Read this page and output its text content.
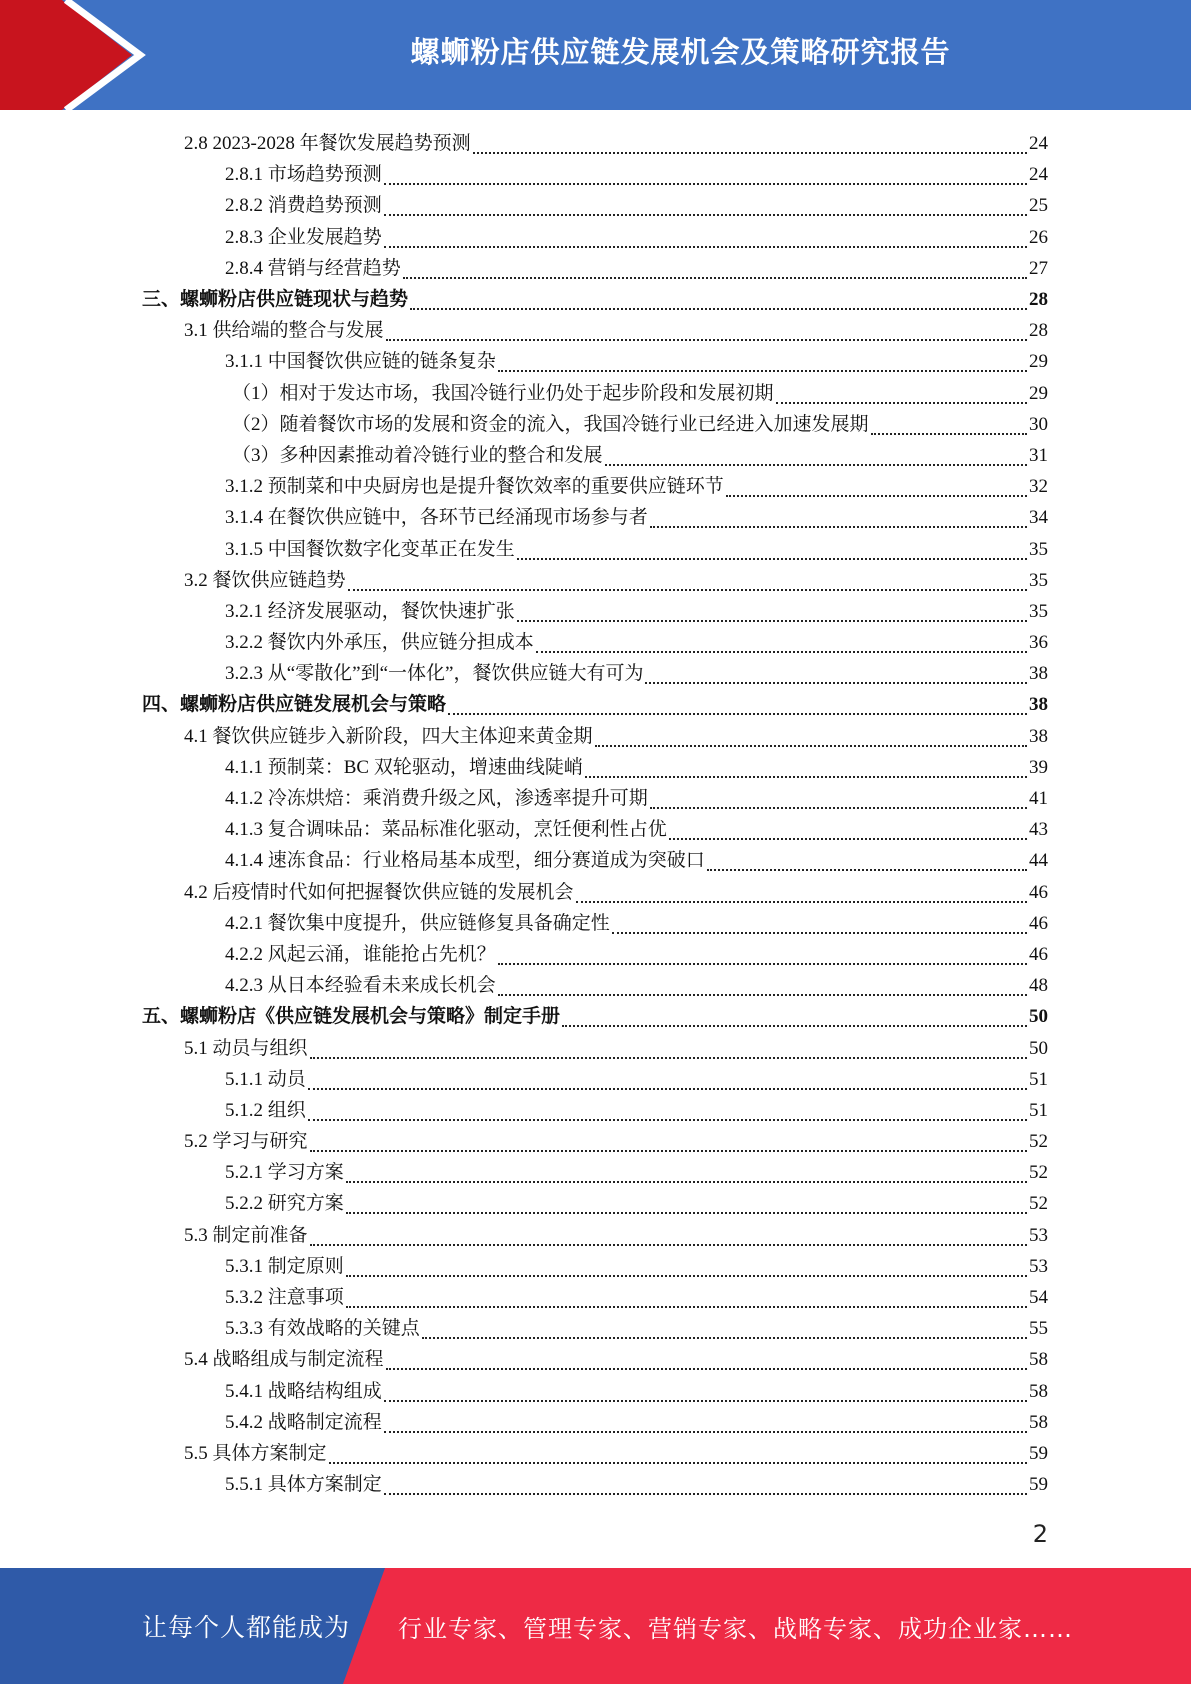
螺蛳粉店供应链发展机会及策略研究报告
2.8 2023-2028 年餐饮发展趋势预测	24
2.8.1 市场趋势预测	24
2.8.2 消费趋势预测	25
2.8.3 企业发展趋势	26
2.8.4 营销与经营趋势	27
三、螺蛳粉店供应链现状与趋势	28
3.1 供给端的整合与发展	28
3.1.1 中国餐饮供应链的链条复杂	29
（1）相对于发达市场，我国冷链行业仍处于起步阶段和发展初期	29
（2）随着餐饮市场的发展和资金的流入，我国冷链行业已经进入加速发展期	30
（3）多种因素推动着冷链行业的整合和发展	31
3.1.2 预制菜和中央厨房也是提升餐饮效率的重要供应链环节	32
3.1.4 在餐饮供应链中，各环节已经涌现市场参与者	34
3.1.5 中国餐饮数字化变革正在发生	35
3.2 餐饮供应链趋势	35
3.2.1 经济发展驱动，餐饮快速扩张	35
3.2.2 餐饮内外承压，供应链分担成本	36
3.2.3 从“零散化”到“一体化”，餐饮供应链大有可为	38
四、螺蛳粉店供应链发展机会与策略	38
4.1 餐饮供应链步入新阶段，四大主体迎来黄金期	38
4.1.1 预制菜：BC 双轮驱动，增速曲线陡峭	39
4.1.2 冷冻烘焙：乘消费升级之风，渗透率提升可期	41
4.1.3 复合调味品：菜品标准化驱动，烹饪便利性占优	43
4.1.4 速冻食品：行业格局基本成型，细分赛道成为突破口	44
4.2 后疫情时代如何把握餐饮供应链的发展机会	46
4.2.1 餐饮集中度提升，供应链修复具备确定性	46
4.2.2 风起云涌，谁能抢占先机？	46
4.2.3 从日本经验看未来成长机会	48
五、螺蛳粉店《供应链发展机会与策略》制定手册	50
5.1 动员与组织	50
5.1.1 动员	51
5.1.2 组织	51
5.2 学习与研究	52
5.2.1 学习方案	52
5.2.2 研究方案	52
5.3 制定前准备	53
5.3.1 制定原则	53
5.3.2 注意事项	54
5.3.3 有效战略的关键点	55
5.4 战略组成与制定流程	58
5.4.1 战略结构组成	58
5.4.2 战略制定流程	58
5.5 具体方案制定	59
5.5.1 具体方案制定	59
2
让每个人都能成为 行业专家、管理专家、营销专家、战略专家、成功企业家……
